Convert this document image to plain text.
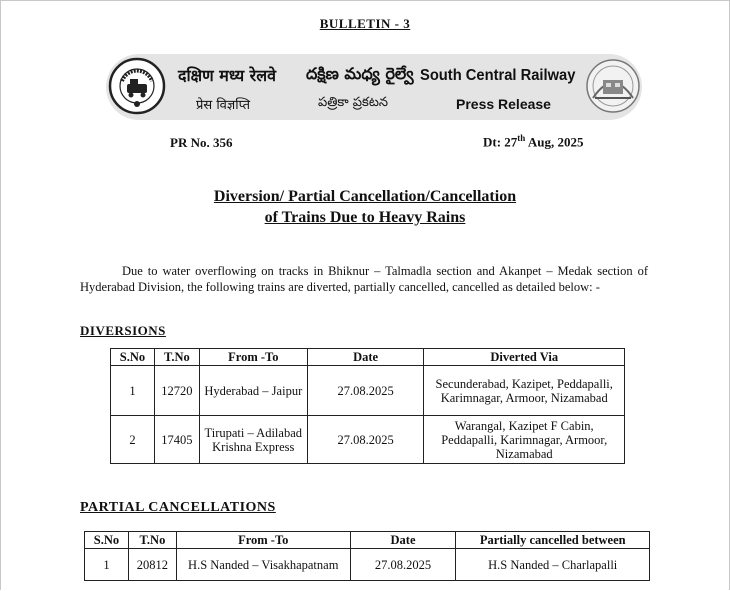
BULLETIN - 3
दक्षिण मध्य रेलवे దక్షిణ మధ్య రైల్వే South Central Railway
प्रेस विज्ञप्ति	పత్రికా ప్రకటన	Press Release
PR No. 356	Dt: 27th Aug, 2025
Diversion/ Partial Cancellation/Cancellation
of Trains Due to Heavy Rains
Due to water overflowing on tracks in Bhiknur – Talmadla section and Akanpet – Medak section of Hyderabad Division, the following trains are diverted, partially cancelled, cancelled as detailed below: -
DIVERSIONS
S.No	T.No	From -To	Date	Diverted Via
1	12720	Hyderabad – Jaipur	27.08.2025	Secunderabad, Kazipet, Peddapalli, Karimnagar, Armoor, Nizamabad
2	17405	Tirupati – Adilabad Krishna Express	27.08.2025	Warangal, Kazipet F Cabin, Peddapalli, Karimnagar, Armoor, Nizamabad
PARTIAL CANCELLATIONS
S.No	T.No	From -To	Date	Partially cancelled between
1	20812	H.S Nanded – Visakhapatnam	27.08.2025	H.S Nanded – Charlapalli
